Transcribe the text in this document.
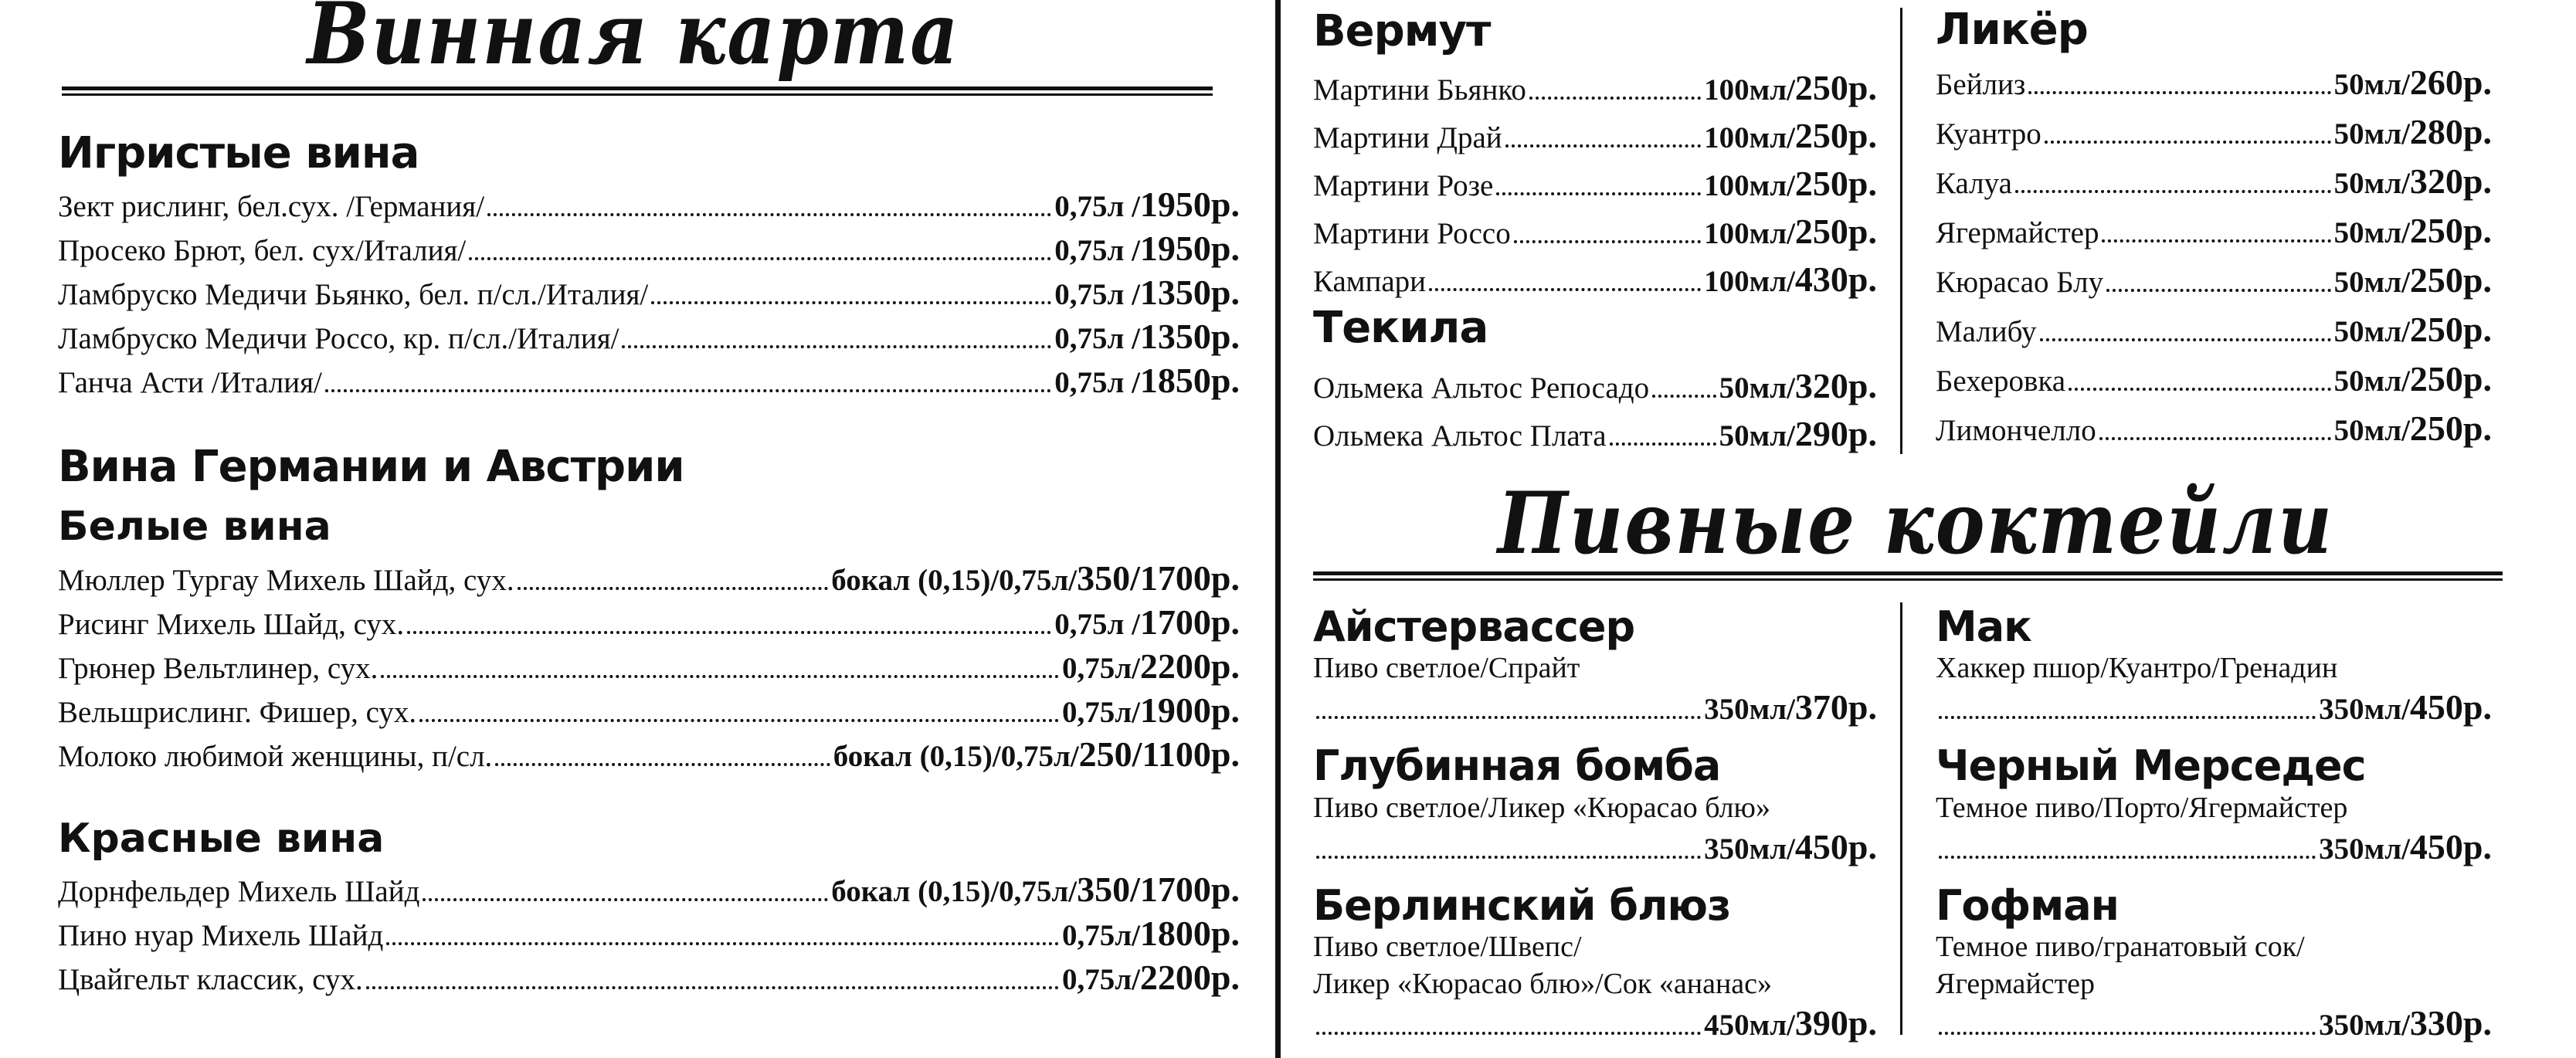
Винная карта
Игристые вина
Зект рислинг, бел.сух. /Германия/	0,75л /1950р.
Просеко Брют, бел. сух/Италия/	0,75л /1950р.
Ламбруско Медичи Бьянко, бел. п/сл./Италия/	0,75л /1350р.
Ламбруско Медичи Россо, кр. п/сл./Италия/	0,75л /1350р.
Ганча Асти /Италия/	0,75л /1850р.
Вина Германии и Австрии
Белые вина
Мюллер Тургау Михель Шайд, сух.	бокал (0,15)/0,75л/350/1700р.
Рисинг Михель Шайд, сух.	0,75л /1700р.
Грюнер Вельтлинер, сух.	0,75л/2200р.
Вельшрислинг. Фишер, сух.	0,75л/1900р.
Молоко любимой женщины, п/сл.	бокал (0,15)/0,75л/250/1100р.
Красные вина
Дорнфельдер Михель Шайд	бокал (0,15)/0,75л/350/1700р.
Пино нуар Михель Шайд	0,75л/1800р.
Цвайгельт классик, сух.	0,75л/2200р.
Вермут
Мартини Бьянко	100мл/250р.
Мартини Драй	100мл/250р.
Мартини Розе	100мл/250р.
Мартини Россо	100мл/250р.
Кампари	100мл/430р.
Текила
Ольмека Альтос Репосадо 50мл/320р.
Ольмека Альтос Плата	50мл/290р.
Ликёр
Бейлиз	50мл/260р.
Куантро	50мл/280р.
Калуа	50мл/320р.
Ягермайстер	50мл/250р.
Кюрасао Блу	50мл/250р.
Малибу	50мл/250р.
Бехеровка	50мл/250р.
Лимончелло	50мл/250р.
Пивные коктейли
Айстервассер
Пиво светлое/Спрайт
350мл/370р.
Глубинная бомба
Пиво светлое/Ликер «Кюрасао блю»
350мл/450р.
Берлинский блюз
Пиво светлое/Швепс/
Ликер «Кюрасао блю»/Сок «ананас»
450мл/390р.
Мак
Хаккер пшор/Куантро/Гренадин
350мл/450р.
Черный Мерседес
Темное пиво/Порто/Ягермайстер
350мл/450р.
Гофман
Темное пиво/гранатовый сок/
Ягермайстер
350мл/330р.
